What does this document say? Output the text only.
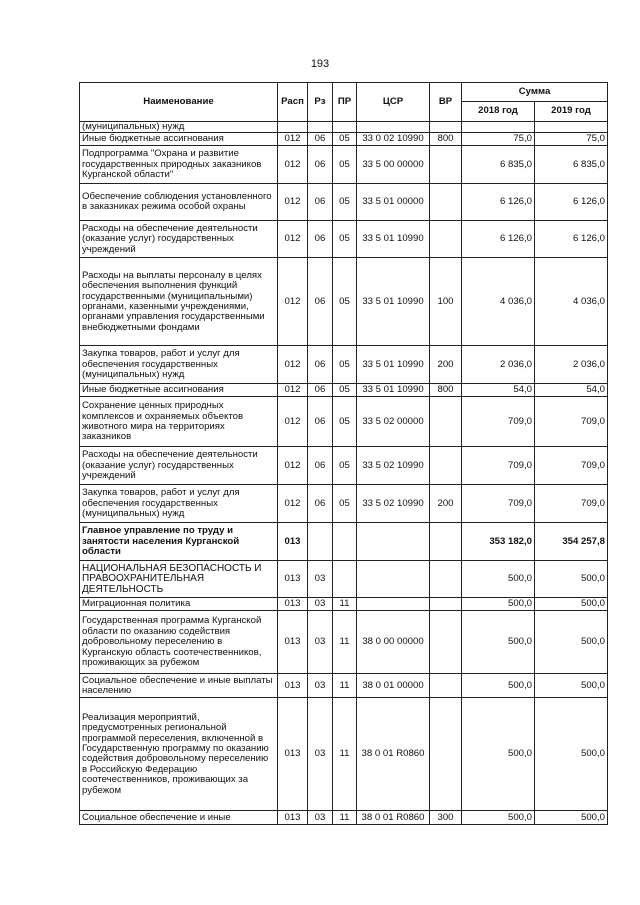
193
Наименование	Расп	Рз	ПР	ЦСР	ВР	Сумма	
						2018 год	2019 год
(муниципальных) нужд							
Иные бюджетные ассигнования	012	06	05	33 0 02 10990	800	75,0	75,0
Подпрограмма "Охрана и развитие государственных природных заказников Курганской области"	012	06	05	33 5 00 00000		6 835,0	6 835,0
Обеспечение соблюдения установленного в заказниках режима особой охраны	012	06	05	33 5 01 00000		6 126,0	6 126,0
Расходы на обеспечение деятельности (оказание услуг) государственных учреждений	012	06	05	33 5 01 10990		6 126,0	6 126,0
Расходы на выплаты персоналу в целях обеспечения выполнения функций государственными (муниципальными) органами, казенными учреждениями, органами управления государственными внебюджетными фондами	012	06	05	33 5 01 10990	100	4 036,0	4 036,0
Закупка товаров, работ и услуг для обеспечения государственных (муниципальных) нужд	012	06	05	33 5 01 10990	200	2 036,0	2 036,0
Иные бюджетные ассигнования	012	06	05	33 5 01 10990	800	54,0	54,0
Сохранение ценных природных комплексов и охраняемых объектов животного мира на территориях заказников	012	06	05	33 5 02 00000		709,0	709,0
Расходы на обеспечение деятельности (оказание услуг) государственных учреждений	012	06	05	33 5 02 10990		709,0	709,0
Закупка товаров, работ и услуг для обеспечения государственных (муниципальных) нужд	012	06	05	33 5 02 10990	200	709,0	709,0
Главное управление по труду и занятости населения Курганской области	013					353 182,0	354 257,8
НАЦИОНАЛЬНАЯ БЕЗОПАСНОСТЬ И ПРАВООХРАНИТЕЛЬНАЯ ДЕЯТЕЛЬНОСТЬ	013	03				500,0	500,0
Миграционная политика	013	03	11			500,0	500,0
Государственная программа Курганской области по оказанию содействия добровольному переселению в Курганскую область соотечественников, проживающих за рубежом	013	03	11	38 0 00 00000		500,0	500,0
Социальное обеспечение и иные выплаты населению	013	03	11	38 0 01 00000		500,0	500,0
Реализация мероприятий, предусмотренных региональной программой переселения, включенной в Государственную программу по оказанию содействия добровольному переселению в Российскую Федерацию соотечественников, проживающих за рубежом	013	03	11	38 0 01 R0860		500,0	500,0
Социальное обеспечение и иные	013	03	11	38 0 01 R0860	300	500,0	500,0
